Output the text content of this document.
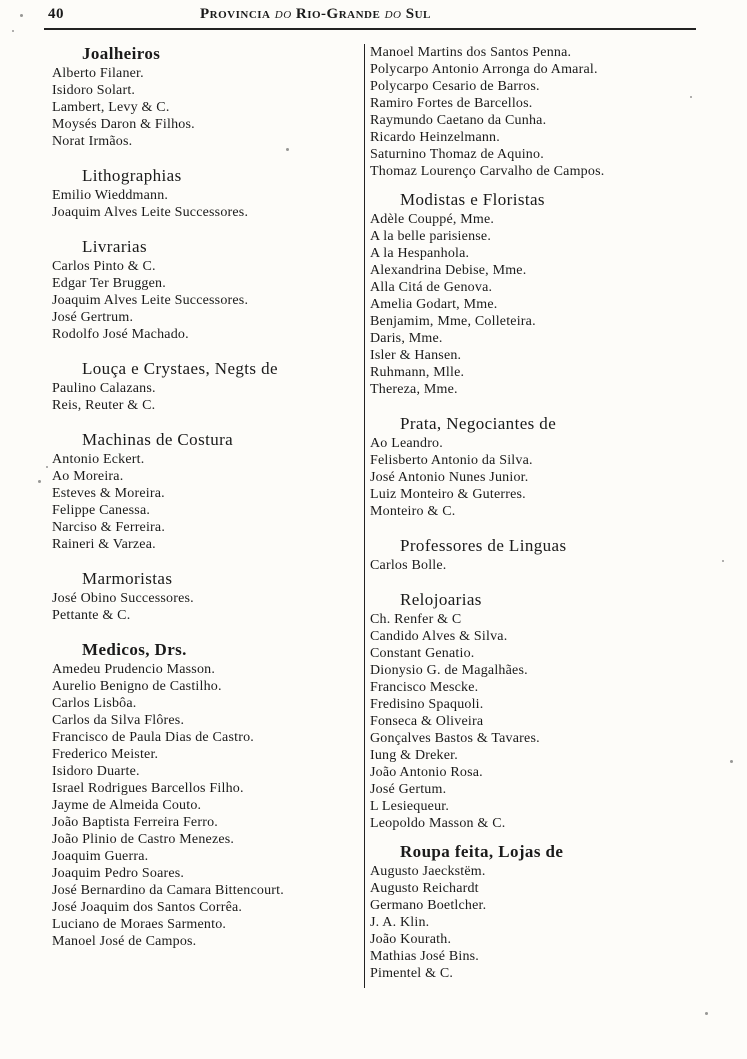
40	Provincia do Rio-Grande do Sul
Joalheiros
Alberto Filaner.
Isidoro Solart.
Lambert, Levy & C.
Moysés Daron & Filhos.
Norat Irmãos.
Lithographias
Emilio Wieddmann.
Joaquim Alves Leite Successores.
Livrarias
Carlos Pinto & C.
Edgar Ter Bruggen.
Joaquim Alves Leite Successores.
José Gertrum.
Rodolfo José Machado.
Louça e Crystaes, Negts de
Paulino Calazans.
Reis, Reuter & C.
Machinas de Costura
Antonio Eckert.
Ao Moreira.
Esteves & Moreira.
Felippe Canessa.
Narciso & Ferreira.
Raineri & Varzea.
Marmoristas
José Obino Successores.
Pettante & C.
Medicos, Drs.
Amedeu Prudencio Masson.
Aurelio Benigno de Castilho.
Carlos Lisbôa.
Carlos da Silva Flôres.
Francisco de Paula Dias de Castro.
Frederico Meister.
Isidoro Duarte.
Israel Rodrigues Barcellos Filho.
Jayme de Almeida Couto.
João Baptista Ferreira Ferro.
João Plinio de Castro Menezes.
Joaquim Guerra.
Joaquim Pedro Soares.
José Bernardino da Camara Bittencourt.
José Joaquim dos Santos Corrêa.
Luciano de Moraes Sarmento.
Manoel José de Campos.
Manoel Martins dos Santos Penna.
Polycarpo Antonio Arronga do Amaral.
Polycarpo Cesario de Barros.
Ramiro Fortes de Barcellos.
Raymundo Caetano da Cunha.
Ricardo Heinzelmann.
Saturnino Thomaz de Aquino.
Thomaz Lourenço Carvalho de Campos.
Modistas e Floristas
Adèle Couppé, Mme.
A la belle parisiense.
A la Hespanhola.
Alexandrina Debise, Mme.
Alla Citá de Genova.
Amelia Godart, Mme.
Benjamim, Mme, Colleteira.
Daris, Mme.
Isler & Hansen.
Ruhmann, Mlle.
Thereza, Mme.
Prata, Negociantes de
Ao Leandro.
Felisberto Antonio da Silva.
José Antonio Nunes Junior.
Luiz Monteiro & Guterres.
Monteiro & C.
Professores de Linguas
Carlos Bolle.
Relojoarias
Ch. Renfer & C
Candido Alves & Silva.
Constant Genatio.
Dionysio G. de Magalhães.
Francisco Mescke.
Fredisino Spaquoli.
Fonseca & Oliveira
Gonçalves Bastos & Tavares.
Iung & Dreker.
João Antonio Rosa.
José Gertum.
L Lesiequeur.
Leopoldo Masson & C.
Roupa feita, Lojas de
Augusto Jaeckstëm.
Augusto Reichardt
Germano Boetlcher.
J. A. Klin.
João Kourath.
Mathias José Bins.
Pimentel & C.
